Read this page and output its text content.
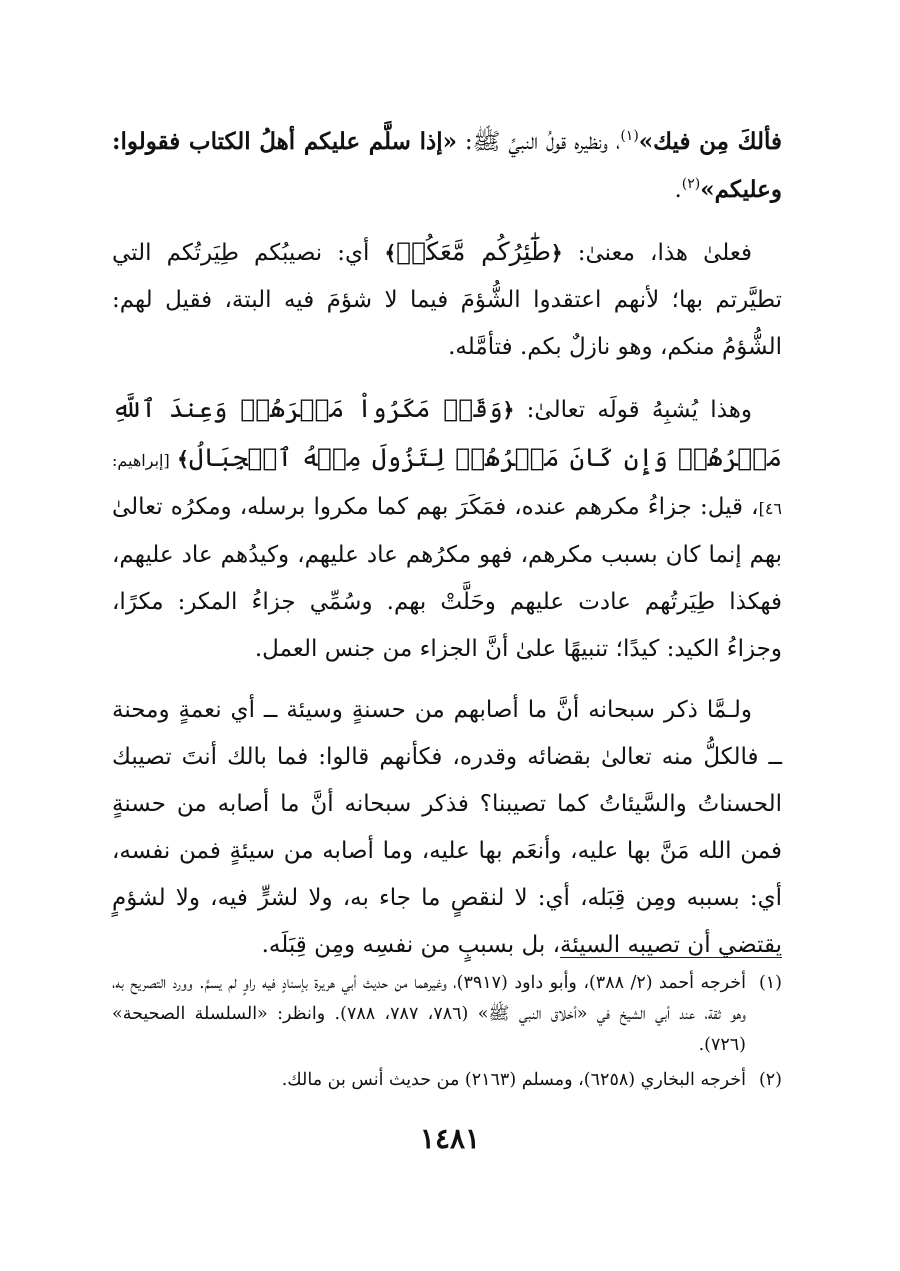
فألكَ مِن فيك»$^{(١)}$، ونظيره قولُ النبيِّ ﷺ: «إذا سلَّم عليكم أهلُ الكتاب فقولوا: وعليكم»$^{(٢)}$.

فعلىٰ هذا، معنىٰ: ﴿طَٰٓئِرُكُم مَّعَكُمۡ﴾ أي: نصيبُكم طِيَرتُكم التي تطيَّرتم بها؛ لأنهم اعتقدوا الشُّؤمَ فيما لا شؤمَ فيه البتة، فقيل لهم: الشُّؤمُ منكم، وهو نازلٌ بكم. فتأمَّله.

وهذا يُشبِهُ قولَه تعالىٰ: ﴿وَقَدۡ مَكَرُواْ مَكۡرَهُمۡ وَعِندَ ٱللَّهِ مَكۡرُهُمۡ وَإِن كَانَ مَكۡرُهُمۡ لِتَزُولَ مِنۡهُ ٱلۡجِبَالُ﴾ [إبراهيم: ٤٦]، قيل: جزاءُ مكرهم عنده، فمَكَرَ بهم كما مكروا برسله، ومكرُه تعالىٰ بهم إنما كان بسبب مكرهم، فهو مكرُهم عاد عليهم، وكيدُهم عاد عليهم، فهكذا طِيَرتُهم عادت عليهم وحَلَّتْ بهم. وسُمِّي جزاءُ المكر: مكرًا، وجزاءُ الكيد: كيدًا؛ تنبيهًا علىٰ أنَّ الجزاء من جنس العمل.

ولـمَّا ذكر سبحانه أنَّ ما أصابهم من حسنةٍ وسيئة ــ أي نعمةٍ ومحنة ــ فالكلُّ منه تعالىٰ بقضائه وقدره، فكأنهم قالوا: فما بالك أنتَ تصيبك الحسناتُ والسَّيئاتُ كما تصيبنا؟ فذكر سبحانه أنَّ ما أصابه من حسنةٍ فمن الله مَنَّ بها عليه، وأنعَم بها عليه، وما أصابه من سيئةٍ فمن نفسه، أي: بسببه ومِن قِبَله، أي: لا لنقصٍ ما جاء به، ولا لشرٍّ فيه، ولا لشؤمٍ يقتضي أن تصيبه السيئة، بل بسببٍ من نفسِه ومِن قِبَلَه.

(١)
أخرجه أحمد (٢/ ٣٨٨)، وأبو داود (٣٩١٧)، وغيرهما من حديث أبي هريرة بإسنادٍ فيه راوٍ لم يسمَّ. وورد التصريح به، وهو ثقة، عند أبي الشيخ في «أخلاق النبي ﷺ» (٧٨٦، ٧٨٧، ٧٨٨). وانظر: «السلسلة الصحيحة» (٧٢٦).
(٢)
أخرجه البخاري (٦٢٥٨)، ومسلم (٢١٦٣) من حديث أنس بن مالك.
١٤٨١
